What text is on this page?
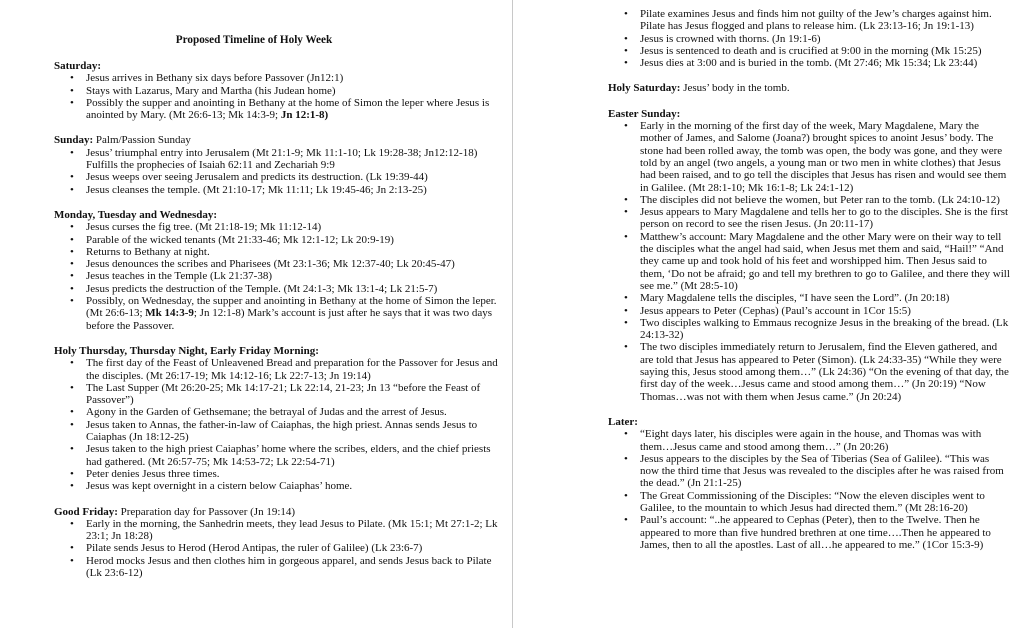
Proposed Timeline of Holy Week

Saturday:

• Jesus arrives in Bethany six days before Passover (Jn12:1)
• Stays with Lazarus, Mary and Martha (his Judean home)
• Possibly the supper and anointing in Bethany at the home of Simon the leper where Jesus is anointed by Mary. (Mt 26:6-13; Mk 14:3-9; Jn 12:1-8)

Sunday: Palm/Passion Sunday

• Jesus’ triumphal entry into Jerusalem (Mt 21:1-9; Mk 11:1-10; Lk 19:28-38; Jn12:12-18) Fulfills the prophecies of Isaiah 62:11 and Zechariah 9:9
• Jesus weeps over seeing Jerusalem and predicts its destruction. (Lk 19:39-44)
• Jesus cleanses the temple. (Mt 21:10-17; Mk 11:11; Lk 19:45-46; Jn 2:13-25)

Monday, Tuesday and Wednesday:

• Jesus curses the fig tree. (Mt 21:18-19; Mk 11:12-14)
• Parable of the wicked tenants (Mt 21:33-46; Mk 12:1-12; Lk 20:9-19)
• Returns to Bethany at night.
• Jesus denounces the scribes and Pharisees (Mt 23:1-36; Mk 12:37-40; Lk 20:45-47)
• Jesus teaches in the Temple (Lk 21:37-38)
• Jesus predicts the destruction of the Temple. (Mt 24:1-3; Mk 13:1-4; Lk 21:5-7)
• Possibly, on Wednesday, the supper and anointing in Bethany at the home of Simon the leper. (Mt 26:6-13; Mk 14:3-9; Jn 12:1-8) Mark’s account is just after he says that it was two days before the Passover.

Holy Thursday, Thursday Night, Early Friday Morning:

• The first day of the Feast of Unleavened Bread and preparation for the Passover for Jesus and the disciples. (Mt 26:17-19; Mk 14:12-16; Lk 22:7-13; Jn 19:14)
• The Last Supper (Mt 26:20-25; Mk 14:17-21; Lk 22:14, 21-23; Jn 13 “before the Feast of Passover”)
• Agony in the Garden of Gethsemane; the betrayal of Judas and the arrest of Jesus.
• Jesus taken to Annas, the father-in-law of Caiaphas, the high priest. Annas sends Jesus to Caiaphas (Jn 18:12-25)
• Jesus taken to the high priest Caiaphas’ home where the scribes, elders, and the chief priests had gathered. (Mt 26:57-75; Mk 14:53-72; Lk 22:54-71)
• Peter denies Jesus three times.
• Jesus was kept overnight in a cistern below Caiaphas’ home.

Good Friday: Preparation day for Passover (Jn 19:14)

• Early in the morning, the Sanhedrin meets, they lead Jesus to Pilate. (Mk 15:1; Mt 27:1-2; Lk 23:1; Jn 18:28)
• Pilate sends Jesus to Herod (Herod Antipas, the ruler of Galilee) (Lk 23:6-7)
• Herod mocks Jesus and then clothes him in gorgeous apparel, and sends Jesus back to Pilate (Lk 23:6-12)
• Pilate examines Jesus and finds him not guilty of the Jew’s charges against him. Pilate has Jesus flogged and plans to release him. (Lk 23:13-16; Jn 19:1-13)
• Jesus is crowned with thorns. (Jn 19:1-6)
• Jesus is sentenced to death and is crucified at 9:00 in the morning (Mk 15:25)
• Jesus dies at 3:00 and is buried in the tomb. (Mt 27:46; Mk 15:34; Lk 23:44)

Holy Saturday: Jesus’ body in the tomb.

Easter Sunday:

• Early in the morning of the first day of the week, Mary Magdalene, Mary the mother of James, and Salome (Joana?) brought spices to anoint Jesus’ body. The stone had been rolled away, the tomb was open, the body was gone, and they were told by an angel (two angels, a young man or two men in white clothes) that Jesus had been raised, and to go tell the disciples that Jesus has risen and would see them in Galilee. (Mt 28:1-10; Mk 16:1-8; Lk 24:1-12)
• The disciples did not believe the women, but Peter ran to the tomb. (Lk 24:10-12)
• Jesus appears to Mary Magdalene and tells her to go to the disciples. She is the first person on record to see the risen Jesus. (Jn 20:11-17)
• Matthew’s account: Mary Magdalene and the other Mary were on their way to tell the disciples what the angel had said, when Jesus met them and said, “Hail!” “And they came up and took hold of his feet and worshipped him. Then Jesus said to them, ‘Do not be afraid; go and tell my brethren to go to Galilee, and there they will see me.” (Mt 28:5-10)
• Mary Magdalene tells the disciples, “I have seen the Lord”. (Jn 20:18)
• Jesus appears to Peter (Cephas) (Paul’s account in 1Cor 15:5)
• Two disciples walking to Emmaus recognize Jesus in the breaking of the bread. (Lk 24:13-32)
• The two disciples immediately return to Jerusalem, find the Eleven gathered, and are told that Jesus has appeared to Peter (Simon). (Lk 24:33-35) “While they were saying this, Jesus stood among them…” (Lk 24:36) “On the evening of that day, the first day of the week…Jesus came and stood among them…” (Jn 20:19) “Now Thomas…was not with them when Jesus came.” (Jn 20:24)

Later:

• “Eight days later, his disciples were again in the house, and Thomas was with them…Jesus came and stood among them…” (Jn 20:26)
• Jesus appears to the disciples by the Sea of Tiberias (Sea of Galilee). “This was now the third time that Jesus was revealed to the disciples after he was raised from the dead.” (Jn 21:1-25)
• The Great Commissioning of the Disciples: “Now the eleven disciples went to Galilee, to the mountain to which Jesus had directed them.” (Mt 28:16-20)
• Paul’s account: “..he appeared to Cephas (Peter), then to the Twelve. Then he appeared to more than five hundred brethren at one time….Then he appeared to James, then to all the apostles. Last of all…he appeared to me.” (1Cor 15:3-9)
